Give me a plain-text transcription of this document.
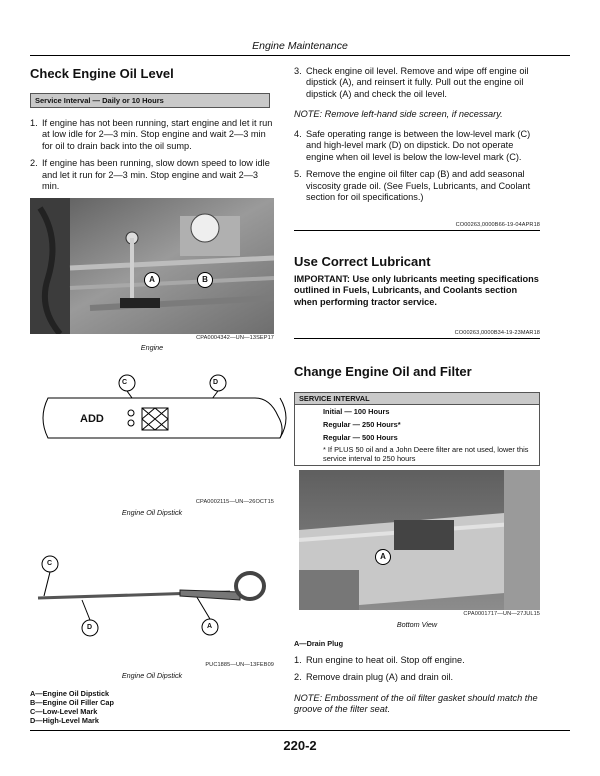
Engine Maintenance
Check Engine Oil Level
Service Interval — Daily or 10 Hours
1. If engine has not been running, start engine and let it run at low idle for 2—3 min. Stop engine and wait 2—3 min for oil to drain back into the oil sump.
2. If engine has been running, slow down speed to low idle and let it run for 2—3 min. Stop engine and wait 2—3 min.
A	B
CPA0004342—UN—13SEP17
Engine
C	D
ADD
CPA0002115—UN—26OCT15
Engine Oil Dipstick
C
D	A
PUC1885—UN—13FEB09
Engine Oil Dipstick
A—Engine Oil Dipstick
B—Engine Oil Filler Cap
C—Low-Level Mark
D—High-Level Mark
3. Check engine oil level. Remove and wipe off engine oil dipstick (A), and reinsert it fully. Pull out the engine oil dipstick (A) and check the oil level.
NOTE: Remove left-hand side screen, if necessary.
4. Safe operating range is between the low-level mark (C) and high-level mark (D) on dipstick. Do not operate engine when oil level is below the low-level mark (C).
5. Remove the engine oil filter cap (B) and add seasonal viscosity grade oil. (See Fuels, Lubricants, and Coolant section for oil specifications.)
CO00263,0000B66-19-04APR18
Use Correct Lubricant
IMPORTANT: Use only lubricants meeting specifications outlined in Fuels, Lubricants, and Coolants section when performing tractor service.
CO00263,0000B34-19-23MAR18
Change Engine Oil and Filter
SERVICE INTERVAL
Initial — 100 Hours
Regular — 250 Hours*
Regular — 500 Hours
* If PLUS 50 oil and a John Deere filter are not used, lower this service interval to 250 hours
A
CPA0001717—UN—27JUL15
Bottom View
A—Drain Plug
1. Run engine to heat oil. Stop off engine.
2. Remove drain plug (A) and drain oil.
NOTE: Embossment of the oil filter gasket should match the groove of the filter seat.
220-2
